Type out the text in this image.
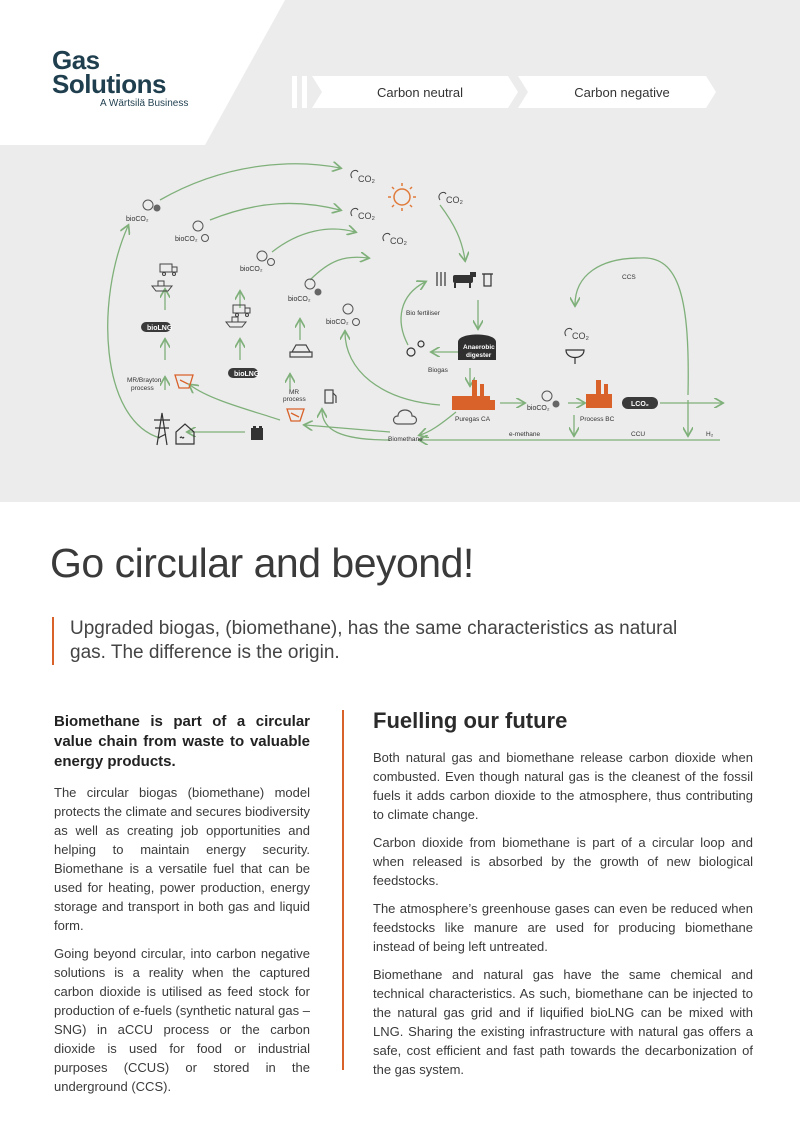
Gas
Solutions
A Wärtsilä Business
Carbon neutral	Carbon negative
CO₂
CO₂
CO₂
CO₂
CO₂
bioCO₂
bioCO₂
bioCO₂
bioCO₂
bioCO₂
bioCO₂
bioLNG
bioLNG
MR/Brayton
process
MR
process
Bio fertiliser
Anaerobic
digester
Biogas
Puregas CA	Process BC
LCO₂
CCS
CCU	H₂
e-methane
Biomethane
Go circular and beyond!
Upgraded biogas, (biomethane), has the same characteristics as natural gas. The difference is the origin.

Biomethane is part of a circular value chain from waste to valuable energy products.

The circular biogas (biomethane) model protects the climate and secures biodiversity as well as creating job opportunities and helping to maintain energy security. Biomethane is a versatile fuel that can be used for heating, power production, energy storage and transport in both gas and liquid form.

Going beyond circular, into carbon negative solutions is a reality when the captured carbon dioxide is utilised as feed stock for production of e-fuels (synthetic natural gas – SNG) in aCCU process or the carbon dioxide is used for food or industrial purposes (CCUS) or stored in the underground (CCS).

Fuelling our future

Both natural gas and biomethane release carbon dioxide when combusted. Even though natural gas is the cleanest of the fossil fuels it adds carbon dioxide to the atmosphere, thus contributing to climate change.

Carbon dioxide from biomethane is part of a circular loop and when released is absorbed by the growth of new biological feedstocks.

The atmosphere’s greenhouse gases can even be reduced when feedstocks like manure are used for producing biomethane instead of being left untreated.

Biomethane and natural gas have the same chemical and technical characteristics. As such, biomethane can be injected to the natural gas grid and if liquified bioLNG can be mixed with LNG. Sharing the existing infrastructure with natural gas offers a safe, cost efficient and fast path towards the decarbonization of the gas system.
